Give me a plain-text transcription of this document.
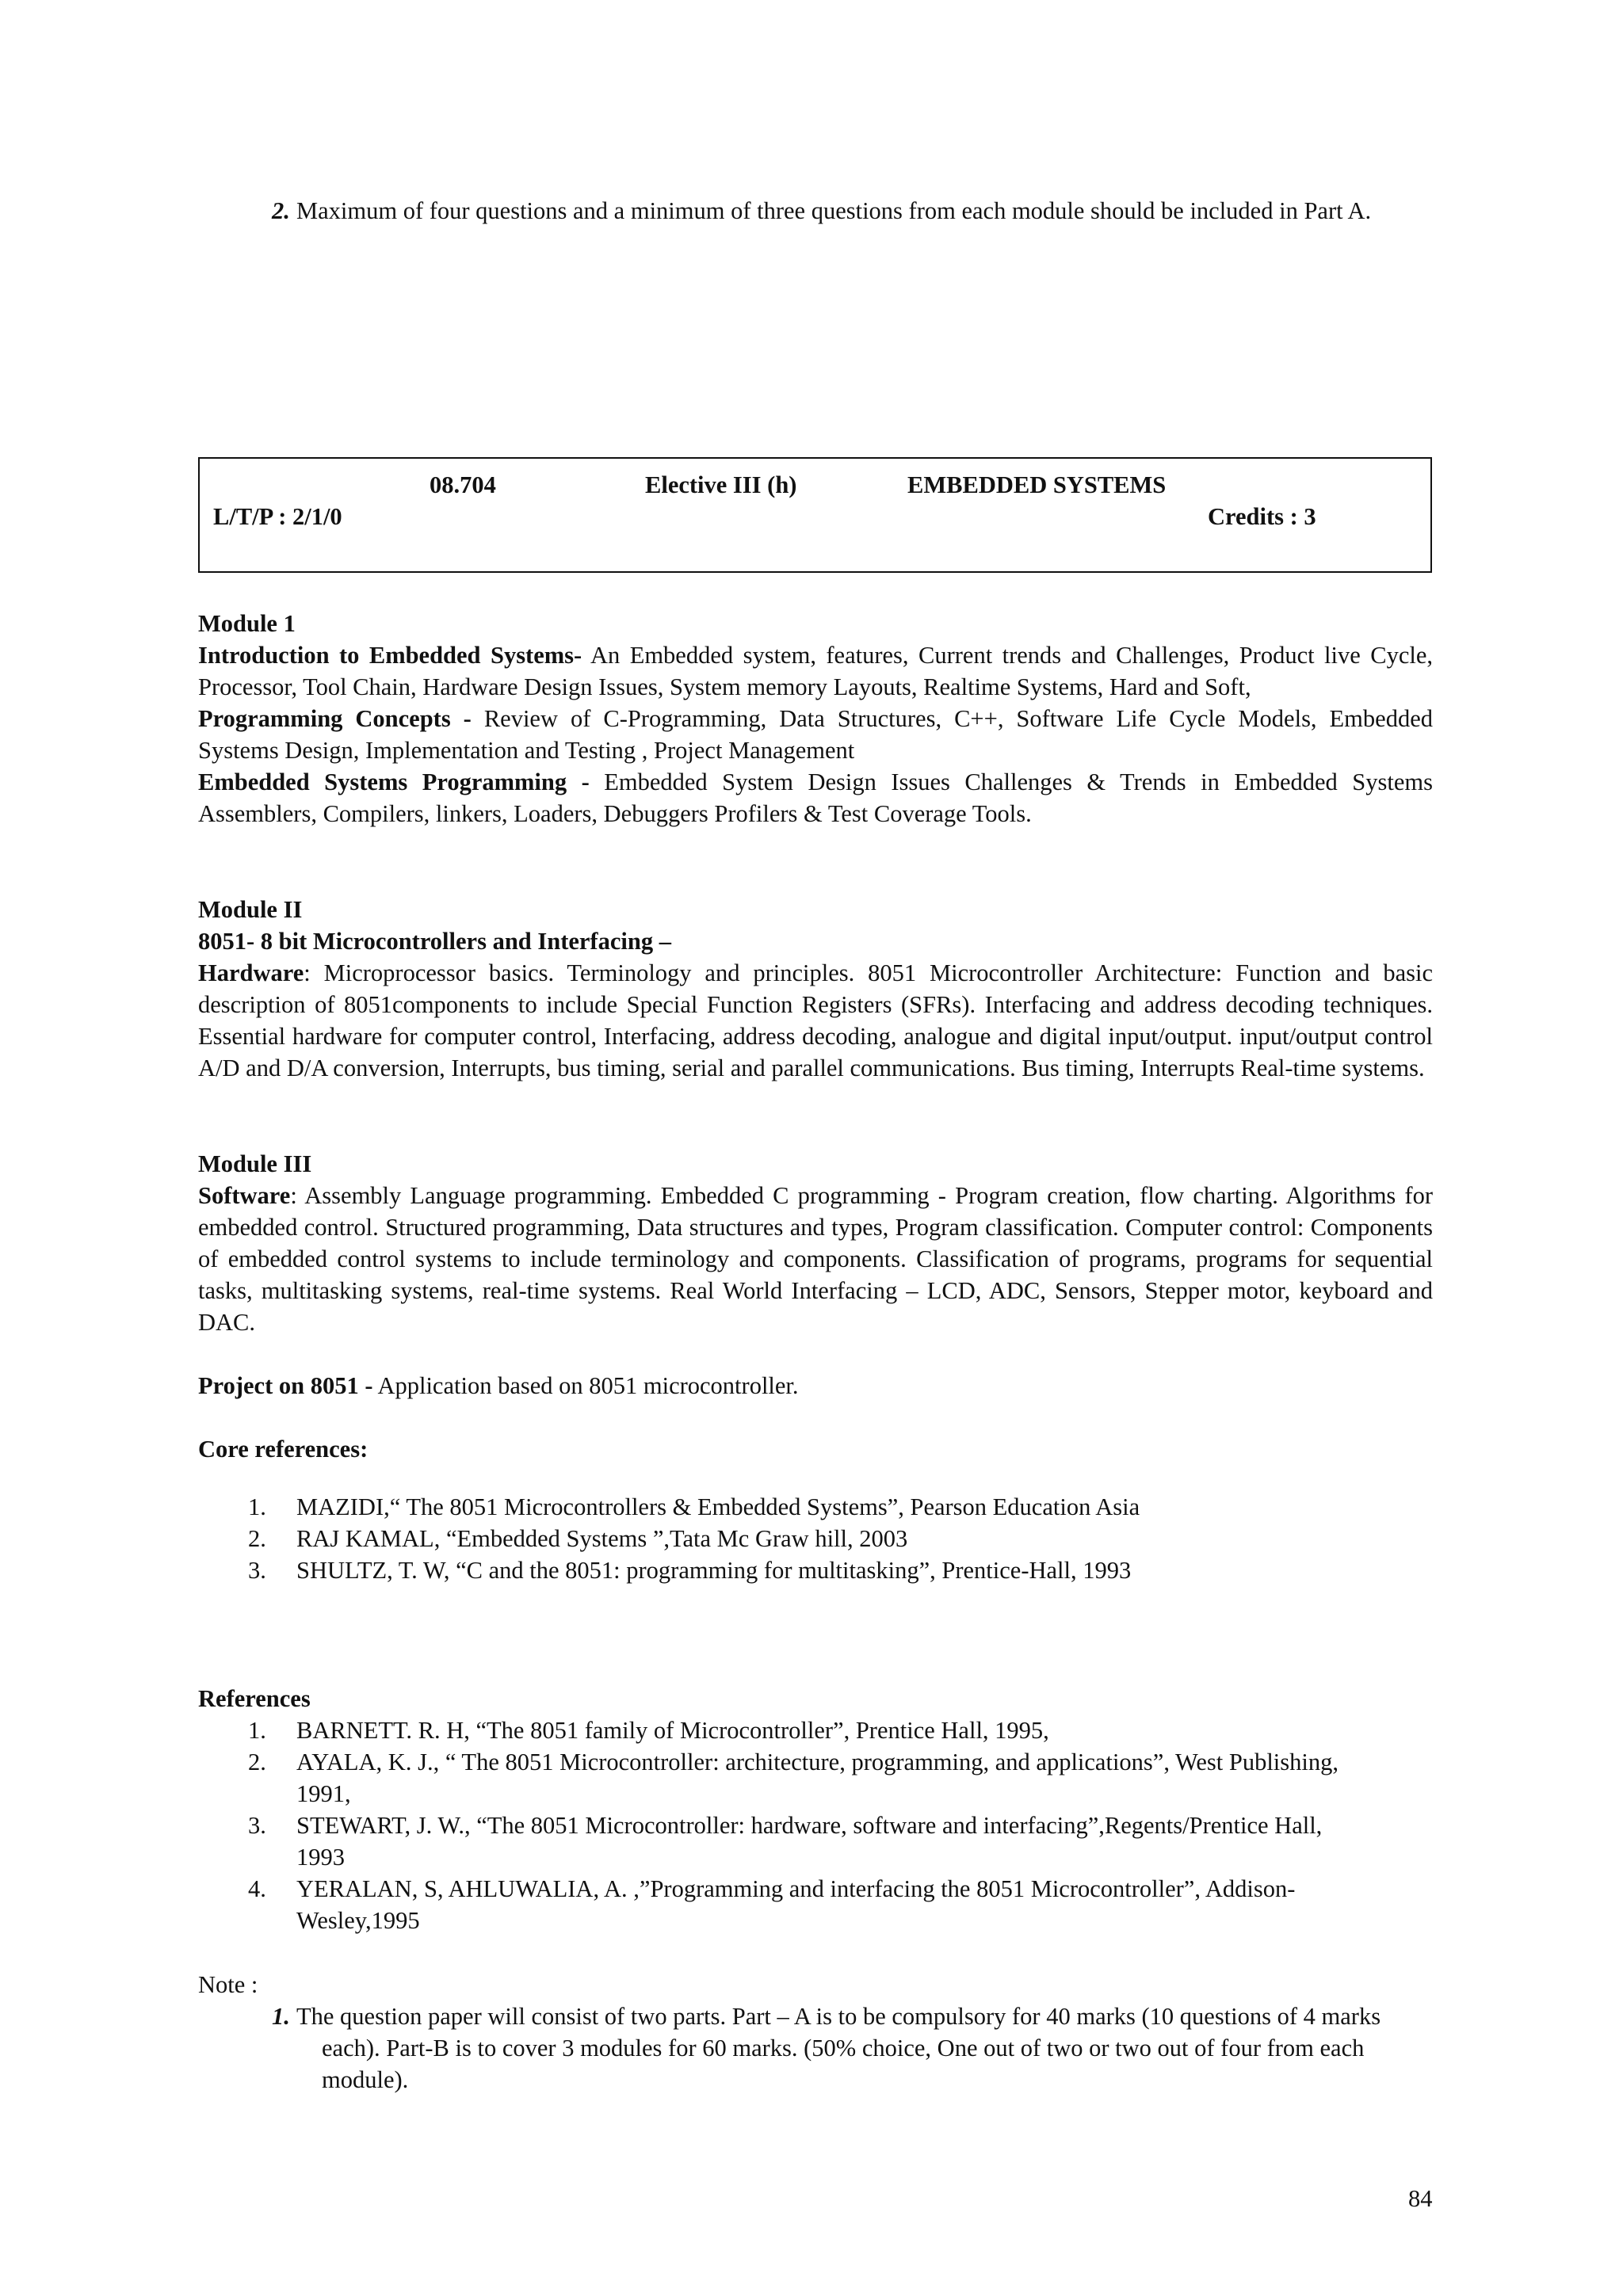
2. Maximum of four questions and a minimum of three questions from each module should be included in Part A.
08.704	Elective III (h)	EMBEDDED SYSTEMS
L/T/P : 2/1/0	Credits : 3
Module 1

Introduction to Embedded Systems- An Embedded system, features, Current trends and Challenges, Product live Cycle, Processor, Tool Chain, Hardware Design Issues, System memory Layouts, Realtime Systems, Hard and Soft,

Programming Concepts - Review of C-Programming, Data Structures, C++, Software Life Cycle Models, Embedded Systems Design, Implementation and Testing , Project Management

Embedded Systems Programming - Embedded System Design Issues Challenges & Trends in Embedded Systems Assemblers, Compilers, linkers, Loaders, Debuggers Profilers & Test Coverage Tools.

Module II
8051- 8 bit Microcontrollers and Interfacing –

Hardware: Microprocessor basics. Terminology and principles. 8051 Microcontroller Architecture: Function and basic description of 8051components to include Special Function Registers (SFRs). Interfacing and address decoding techniques. Essential hardware for computer control, Interfacing, address decoding, analogue and digital input/output. input/output control A/D and D/A conversion, Interrupts, bus timing, serial and parallel communications. Bus timing, Interrupts Real-time systems.

Module III

Software: Assembly Language programming. Embedded C programming - Program creation, flow charting. Algorithms for embedded control. Structured programming, Data structures and types, Program classification. Computer control: Components of embedded control systems to include terminology and components. Classification of programs, programs for sequential tasks, multitasking systems, real-time systems. Real World Interfacing – LCD, ADC, Sensors, Stepper motor, keyboard and DAC.

Project on 8051 - Application based on 8051 microcontroller.

Core references:
1. MAZIDI,“ The 8051 Microcontrollers & Embedded Systems”, Pearson Education Asia
2. RAJ KAMAL, “Embedded Systems ”,Tata Mc Graw hill, 2003
3. SHULTZ, T. W, “C and the 8051: programming for multitasking”, Prentice-Hall, 1993
References
1. BARNETT. R. H, “The 8051 family of Microcontroller”, Prentice Hall, 1995,
2. AYALA, K. J., “ The 8051 Microcontroller: architecture, programming, and applications”, West Publishing, 1991,
3. STEWART, J. W., “The 8051 Microcontroller: hardware, software and interfacing”,Regents/Prentice Hall, 1993
4. YERALAN, S, AHLUWALIA, A. ,”Programming and interfacing the 8051 Microcontroller”, Addison-Wesley,1995
Note :
1. The question paper will consist of two parts. Part – A is to be compulsory for 40 marks (10 questions of 4 marks each). Part-B is to cover 3 modules for 60 marks. (50% choice, One out of two or two out of four from each module).
84
